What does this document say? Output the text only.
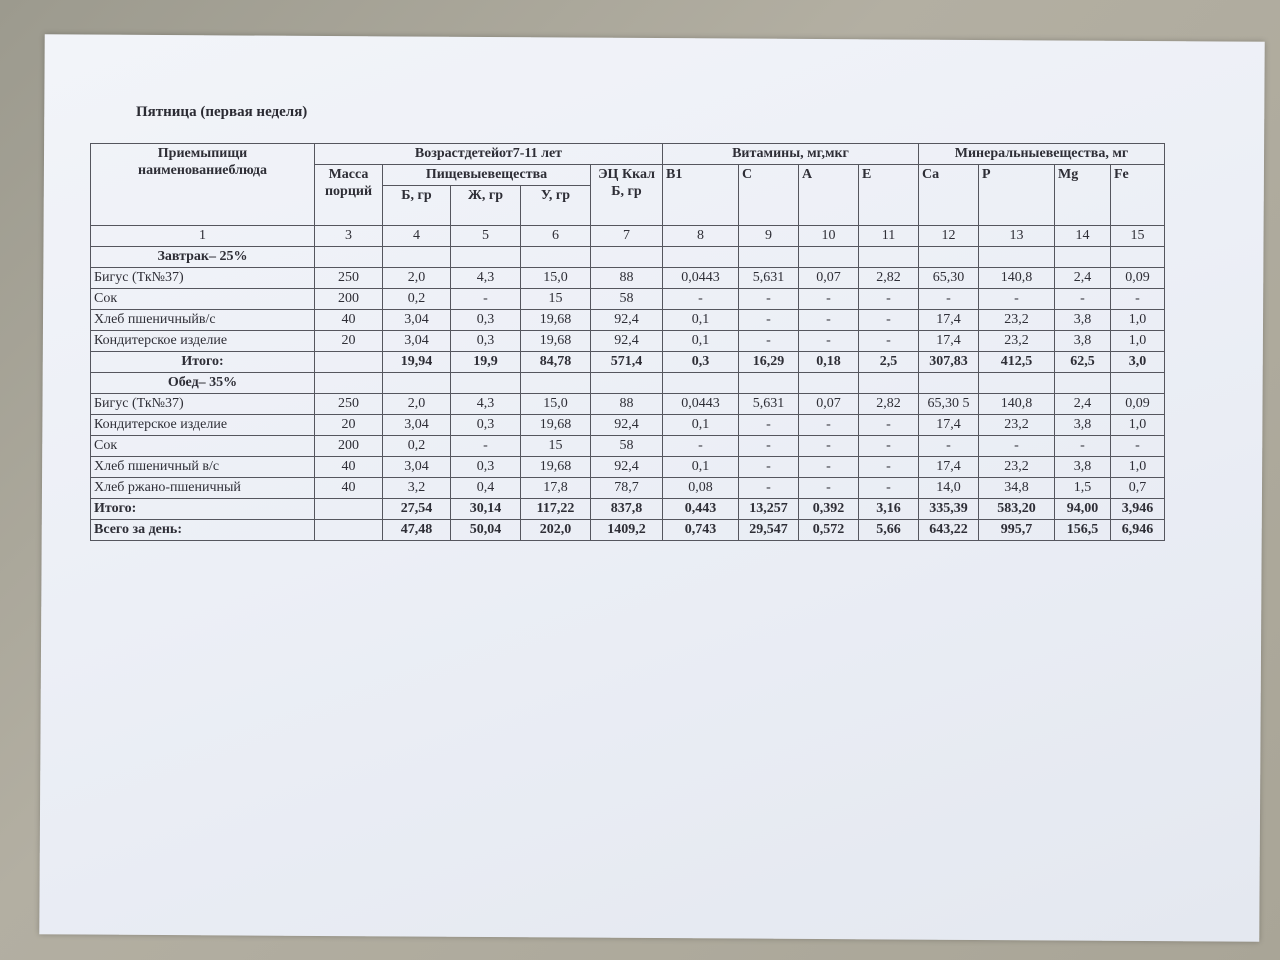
Пятница (первая неделя)
Приемыпищи наименованиеблюда	Возрастдетейот7-11 лет					Витамины, мг,мкг				Минеральныевещества, мг			
	Масса порций	Пищевыевещества			ЭЦ Ккал Б, гр	B1	C	A	E	Ca	P	Mg	Fe
		Б, гр	Ж, гр	У, гр									
1	3	4	5	6	7	8	9	10	11	12	13	14	15
Завтрак– 25%													
Бигус (Тк№37)	250	2,0	4,3	15,0	88	0,0443	5,631	0,07	2,82	65,30	140,8	2,4	0,09
Сок	200	0,2	-	15	58	-	-	-	-	-	-	-	-
Хлеб пшеничныйв/с	40	3,04	0,3	19,68	92,4	0,1	-	-	-	17,4	23,2	3,8	1,0
Кондитерское изделие	20	3,04	0,3	19,68	92,4	0,1	-	-	-	17,4	23,2	3,8	1,0
Итого:		19,94	19,9	84,78	571,4	0,3	16,29	0,18	2,5	307,83	412,5	62,5	3,0
Обед– 35%													
Бигус (Тк№37)	250	2,0	4,3	15,0	88	0,0443	5,631	0,07	2,82	65,30 5	140,8	2,4	0,09
Кондитерское изделие	20	3,04	0,3	19,68	92,4	0,1	-	-	-	17,4	23,2	3,8	1,0
Сок	200	0,2	-	15	58	-	-	-	-	-	-	-	-
Хлеб пшеничный в/с	40	3,04	0,3	19,68	92,4	0,1	-	-	-	17,4	23,2	3,8	1,0
Хлеб ржано-пшеничный	40	3,2	0,4	17,8	78,7	0,08	-	-	-	14,0	34,8	1,5	0,7
Итого:		27,54	30,14	117,22	837,8	0,443	13,257	0,392	3,16	335,39	583,20	94,00	3,946
Всего за день:		47,48	50,04	202,0	1409,2	0,743	29,547	0,572	5,66	643,22	995,7	156,5	6,946
